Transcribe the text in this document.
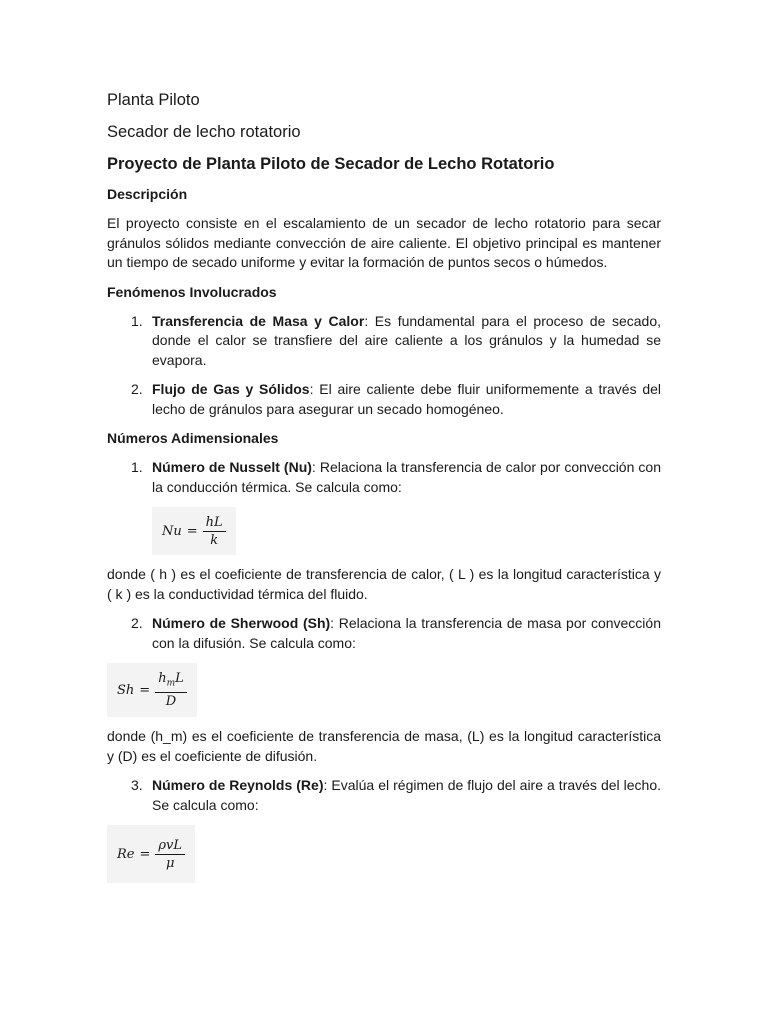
Planta Piloto
Secador de lecho rotatorio
Proyecto de Planta Piloto de Secador de Lecho Rotatorio
Descripción
El proyecto consiste en el escalamiento de un secador de lecho rotatorio para secar gránulos sólidos mediante convección de aire caliente. El objetivo principal es mantener un tiempo de secado uniforme y evitar la formación de puntos secos o húmedos.
Fenómenos Involucrados
1. Transferencia de Masa y Calor: Es fundamental para el proceso de secado, donde el calor se transfiere del aire caliente a los gránulos y la humedad se evapora.
2. Flujo de Gas y Sólidos: El aire caliente debe fluir uniformemente a través del lecho de gránulos para asegurar un secado homogéneo.
Números Adimensionales
1. Número de Nusselt (Nu): Relaciona la transferencia de calor por convección con la conducción térmica. Se calcula como:
$Nu = \frac{hL}{k}$
donde ( h ) es el coeficiente de transferencia de calor, ( L ) es la longitud característica y ( k ) es la conductividad térmica del fluido.
2. Número de Sherwood (Sh): Relaciona la transferencia de masa por convección con la difusión. Se calcula como:
$Sh = \frac{h_mL}{D}$
donde (h_m) es el coeficiente de transferencia de masa, (L) es la longitud característica y (D) es el coeficiente de difusión.
3. Número de Reynolds (Re): Evalúa el régimen de flujo del aire a través del lecho. Se calcula como:
$Re = \frac{\text{ρvL}}{\mu}$
